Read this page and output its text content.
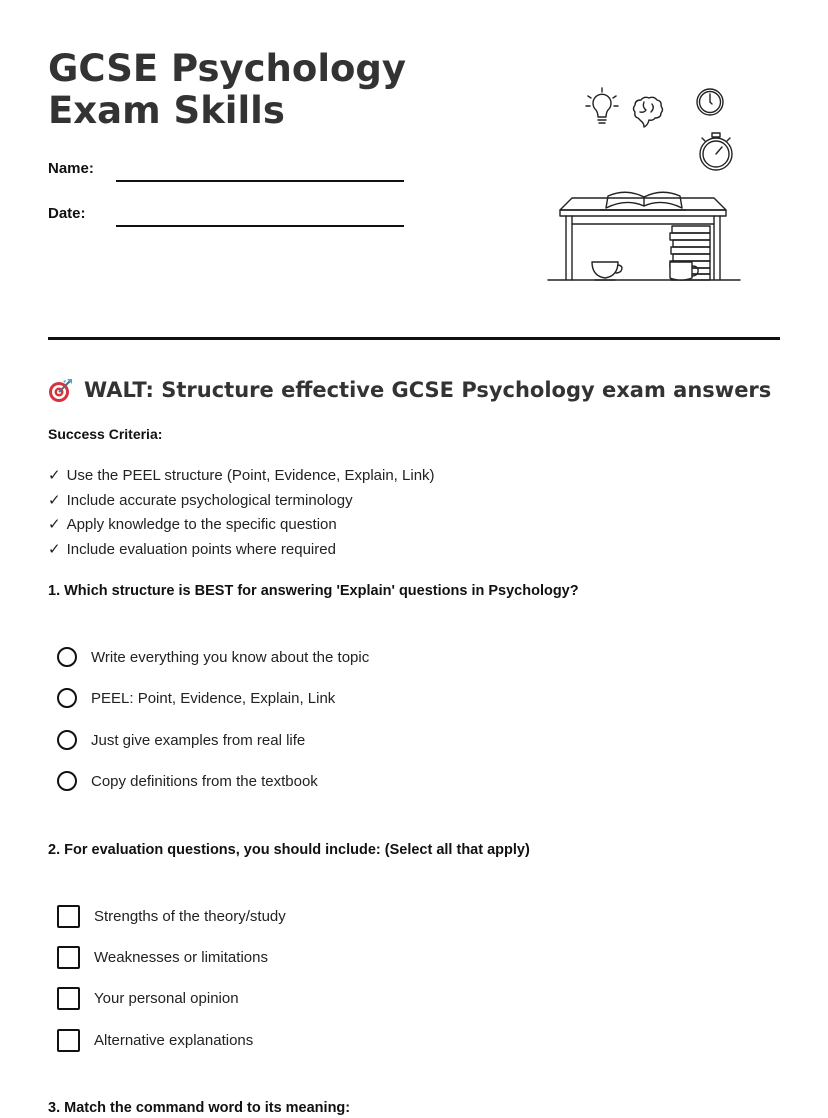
GCSE Psychology Exam Skills
Name:
Date:
WALT: Structure effective GCSE Psychology exam answers
Success Criteria:
✓ Use the PEEL structure (Point, Evidence, Explain, Link)
✓ Include accurate psychological terminology
✓ Apply knowledge to the specific question
✓ Include evaluation points where required
1. Which structure is BEST for answering 'Explain' questions in Psychology?
Write everything you know about the topic
PEEL: Point, Evidence, Explain, Link
Just give examples from real life
Copy definitions from the textbook
2. For evaluation questions, you should include: (Select all that apply)
Strengths of the theory/study
Weaknesses or limitations
Your personal opinion
Alternative explanations
3. Match the command word to its meaning:
